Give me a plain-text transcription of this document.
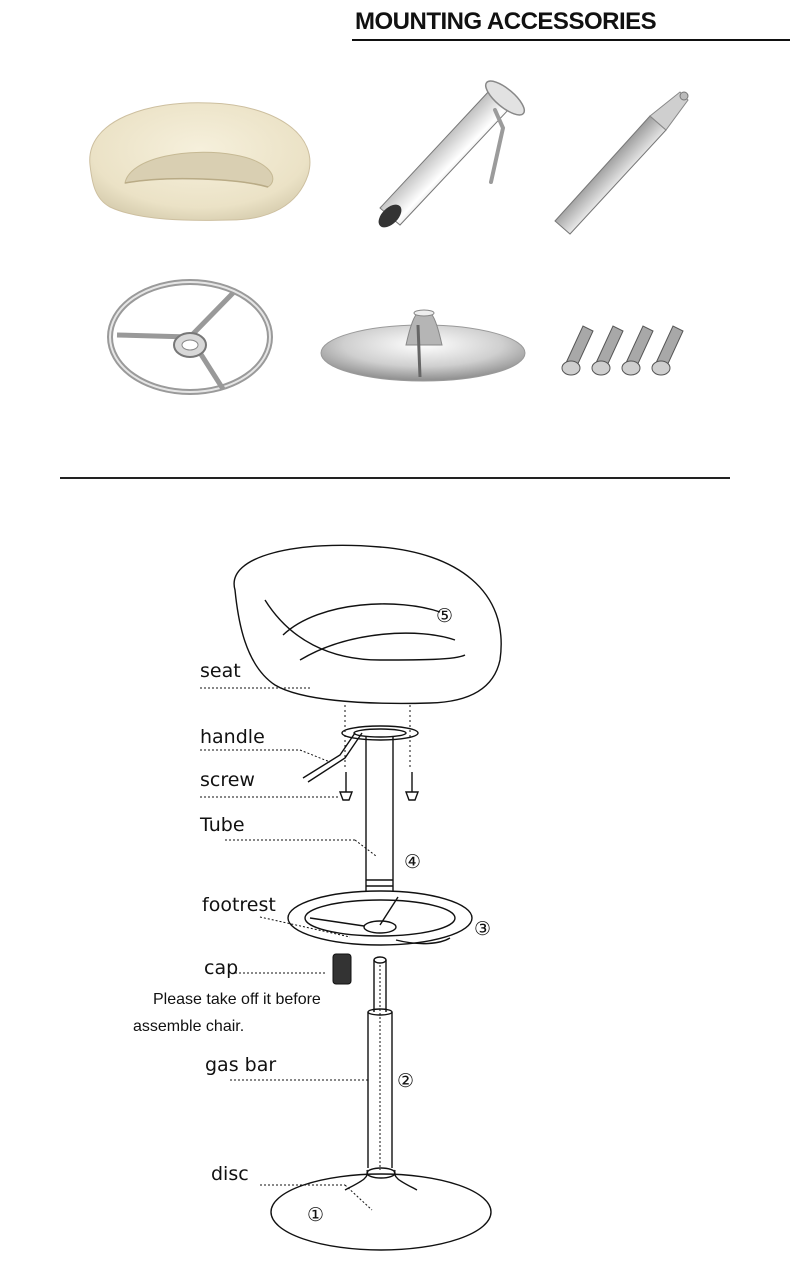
MOUNTING ACCESSORIES
seat
handle
screw
Tube
footrest
cap
Please take off it before
assemble chair.
gas bar
disc
⑤
④
③
②
①
